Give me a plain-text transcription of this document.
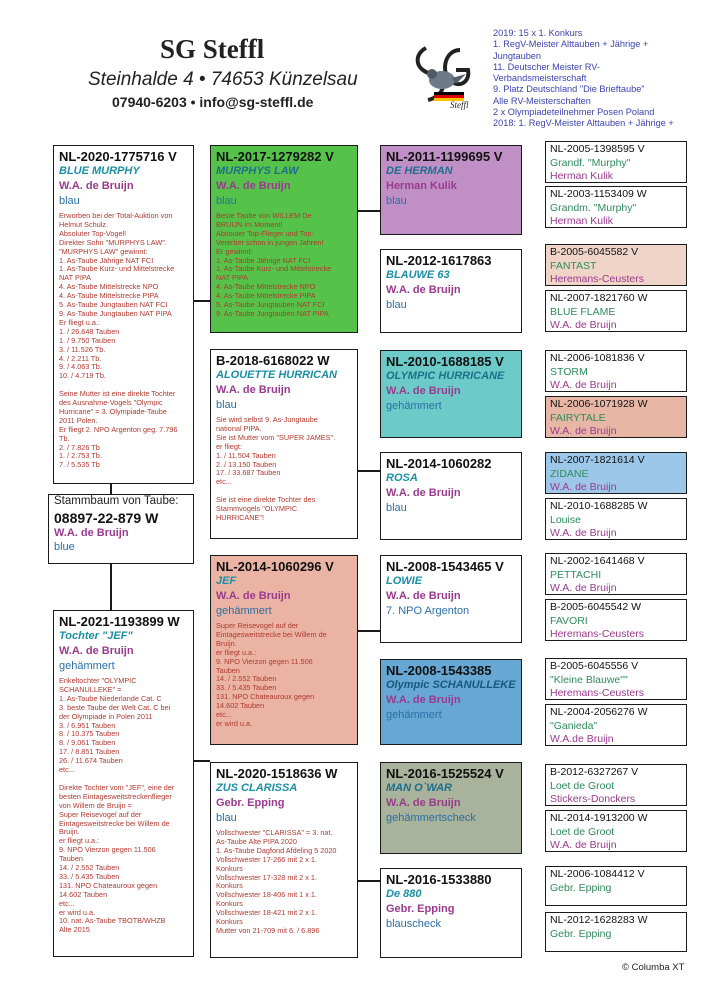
SG Steffl
Steinhalde 4 • 74653 Künzelsau
07940-6203 • info@sg-steffl.de	Steffl
2019: 15 x 1. Konkurs
1. RegV-Meister Alttauben + Jährige +
Jungtauben
11. Deutscher Meister RV-
Verbandsmeisterschaft
9. Platz Deutschland "Die Brieftaube"
Alle RV-Meisterschaften
2 x Olympiadeteilnehmer Posen Poland
2018: 1. RegV-Meister Alttauben + Jährige +
NL-2020-1775716 V
BLUE MURPHY
W.A. de Bruijn
blau
Erworben bei der Total-Auktion von
Helmut Schulz.
Absoluter Top-Vogel!
Direkter Sohn "MURPHYS LAW".
"MURPHYS LAW" gewinnt:
1. As-Taube Jährige NAT FCI
1. As-Taube Kurz- und Mittelstrecke
NAT PIPA
4. As-Taube Mittelstrecke NPO
4. As-Taube Mittelstrecke PIPA
5. As-Taube Jungtauben NAT FCI
9. As-Taube Jungtauben NAT PIPA
Er fliegt u.a.:
1. / 26.648 Tauben
1. / 9.750 Tauben
3. / 11.526 Tb.
4. / 2.211 Tb.
9. / 4.063 Tb.
10. / 4.719 Tb.

Seine Mutter ist eine direkte Tochter
des Ausnahme-Vogels "Olympic
Hurricane" = 3. Olympiade-Taube
2011 Polen.
Er fliegt 2. NPO Argenton geg. 7.796
Tb.
2. / 7.826 Tb
1. / 2.753 Tb.
7. / 5.535 Tb
Stammbaum von Taube:
08897-22-879 W
W.A. de Bruijn
blue
NL-2021-1193899 W
Tochter "JEF"
W.A. de Bruijn
gehämmert
Enkeltochter "OLYMPIC
SCHANULLEKE" =
1. As-Taube Niederlande Cat. C
3. beste Taube der Welt Cat. C bei
der Olympiade in Polen 2011
3. / 6.951 Tauben
8. / 10.375 Tauben
8. / 9.061 Tauben
17. / 8.851 Tauben
26. / 11.674 Tauben
etc...

Direkte Tochter vom "JEF", eine der
besten Eintagesweitstreckenflieger
von Willem de Bruijn =
Super Reisevogel auf der
Eintagesweitstrecke bei Willem de
Bruijn.
er fliegt u.a.:
9. NPO Vierzon gegen 11.506
Tauben
14. / 2.552 Tauben
33. / 5.435 Tauben
131. NPO Chateauroux gegen
14.602 Tauben
etc...
er wird u.a.
10. nat. As-Taube TBOTB/WHZB
Alte 2015
NL-2017-1279282 V
MURPHYS LAW
W.A. de Bruijn
blau
Beste Taube von WILLEM De
BRUIJN im Moment!
Absouter Top-Flieger und Top-
Vererber schon in jungen Jahren!
Er gewinnt:
1. As-Taube Jährige NAT FCI
1. As-Taube Kurz- und Mittelstrecke
NAT PIPA
4. As-Taube Mittelstrecke NPO
4. As-Taube Mittelstrecke PIPA
5. As-Taube Jungtauben NAT FCI
9. As-Taube Jungtauben NAT PIPA
B-2018-6168022 W
ALOUETTE HURRICAN
W.A. de Bruijn
blau
Sie wird selbst 9. As-Jungtaube
national PIPA.
Sie ist Mutter vom "SUPER JAMES".
er fliegt:
1. / 11.504 Tauben
2. / 13.150 Tauben
17. / 33.687 Tauben
etc...

Sie ist eine direkte Tochter des
Stammvogels "OLYMPIC
HURRICANE"!
NL-2014-1060296 V
JEF
W.A. de Bruijn
gehämmert
Super Reisevogel auf der
Eintagesweitstrecke bei Willem de
Bruijn.
er fliegt u.a.:
9. NPO Vierzon gegen 11.506
Tauben
14. / 2.552 Tauben
33. / 5.435 Tauben
131. NPO Chateauroux gegen
14.602 Tauben
etc...
er wird u.a.
NL-2020-1518636 W
ZUS CLARISSA
Gebr. Epping
blau
Vollschwester "CLARISSA" = 3. nat.
As-Taube Alte PIPA 2020
1. As-Taube Dagfond Afdeling 5 2020
Vollschwester 17-266 mit 2 x 1.
Konkurs
Vollschwester 17-328 mit 2 x 1.
Konkurs
Vollschwester 18-406 mit 1 x 1.
Konkurs
Vollschwester 18-421 mit 2 x 1.
Konkurs
Mutter von 21-709 mit 6. / 6.896
NL-2011-1199695 V
DE HERMAN
Herman Kulik
blau
NL-2012-1617863
BLAUWE 63
W.A. de Bruijn
blau
NL-2010-1688185 V
OLYMPIC HURRICANE
W.A. de Bruijn
gehämmert
NL-2014-1060282
ROSA
W.A. de Bruijn
blau
NL-2008-1543465 V
LOWIE
W.A. de Bruijn
7. NPO Argenton
NL-2008-1543385
Olympic SCHANULLEKE
W.A. de Bruijn
gehämmert
NL-2016-1525524 V
MAN O`WAR
W.A. de Bruijn
gehämmertscheck
NL-2016-1533880
De 880
Gebr. Epping
blauscheck
NL-2005-1398595 V
Grandf. "Murphy"
Herman Kulik
NL-2003-1153409 W
Grandm. "Murphy"
Herman Kulik
B-2005-6045582 V
FANTAST
Heremans-Ceusters
NL-2007-1821760 W
BLUE FLAME
W.A. de Bruijn
NL-2006-1081836 V
STORM
W.A. de Bruijn
NL-2006-1071928 W
FAIRYTALE
W.A. de Bruijn
NL-2007-1821614 V
ZIDANE
W.A. de Bruijn
NL-2010-1688285 W
Louise
W.A. de Bruijn
NL-2002-1641468 V
PETTACHI
W.A. de Bruijn
B-2005-6045542 W
FAVORI
Heremans-Ceusters
B-2005-6045556 V
"Kleine Blauwe""
Heremans-Ceusters
NL-2004-2056276 W
"Ganieda"
W.A.de Bruijn
B-2012-6327267 V
Loet de Groot
Stickers-Donckers
NL-2014-1913200 W
Loet de Groot
W.A. de Bruijn
NL-2006-1084412 V
Gebr. Epping
NL-2012-1628283 W
Gebr. Epping
© Columba XT
